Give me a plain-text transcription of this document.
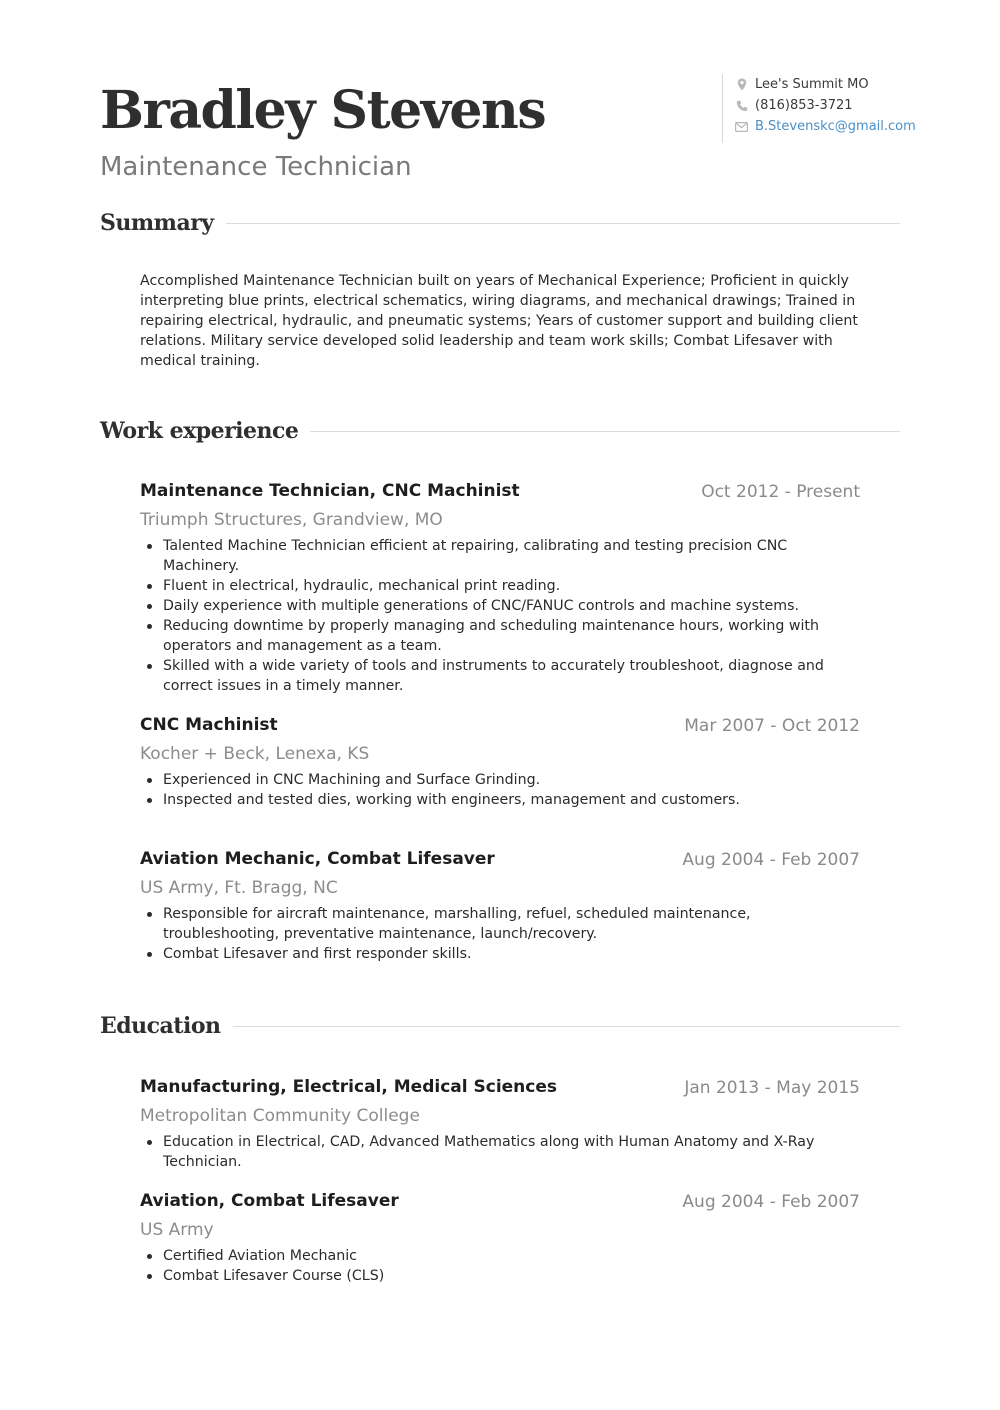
Bradley Stevens
Maintenance Technician
Lee's Summit MO
(816)853-3721
B.Stevenskc@gmail.com
Summary
Accomplished Maintenance Technician built on years of Mechanical Experience; Proficient in quickly interpreting blue prints, electrical schematics, wiring diagrams, and mechanical drawings; Trained in repairing electrical, hydraulic, and pneumatic systems; Years of customer support and building client relations. Military service developed solid leadership and team work skills; Combat Lifesaver with medical training.
Work experience
Maintenance Technician, CNC Machinist	Oct 2012 - Present
Triumph Structures, Grandview, MO
Talented Machine Technician efficient at repairing, calibrating and testing precision CNC Machinery.
Fluent in electrical, hydraulic, mechanical print reading.
Daily experience with multiple generations of CNC/FANUC controls and machine systems.
Reducing downtime by properly managing and scheduling maintenance hours, working with operators and management as a team.
Skilled with a wide variety of tools and instruments to accurately troubleshoot, diagnose and correct issues in a timely manner.
CNC Machinist	Mar 2007 - Oct 2012
Kocher + Beck, Lenexa, KS
Experienced in CNC Machining and Surface Grinding.
Inspected and tested dies, working with engineers, management and customers.
Aviation Mechanic, Combat Lifesaver	Aug 2004 - Feb 2007
US Army, Ft. Bragg, NC
Responsible for aircraft maintenance, marshalling, refuel, scheduled maintenance, troubleshooting, preventative maintenance, launch/recovery.
Combat Lifesaver and first responder skills.
Education
Manufacturing, Electrical, Medical Sciences	Jan 2013 - May 2015
Metropolitan Community College
Education in Electrical, CAD, Advanced Mathematics along with Human Anatomy and X-Ray Technician.
Aviation, Combat Lifesaver	Aug 2004 - Feb 2007
US Army
Certified Aviation Mechanic
Combat Lifesaver Course (CLS)
